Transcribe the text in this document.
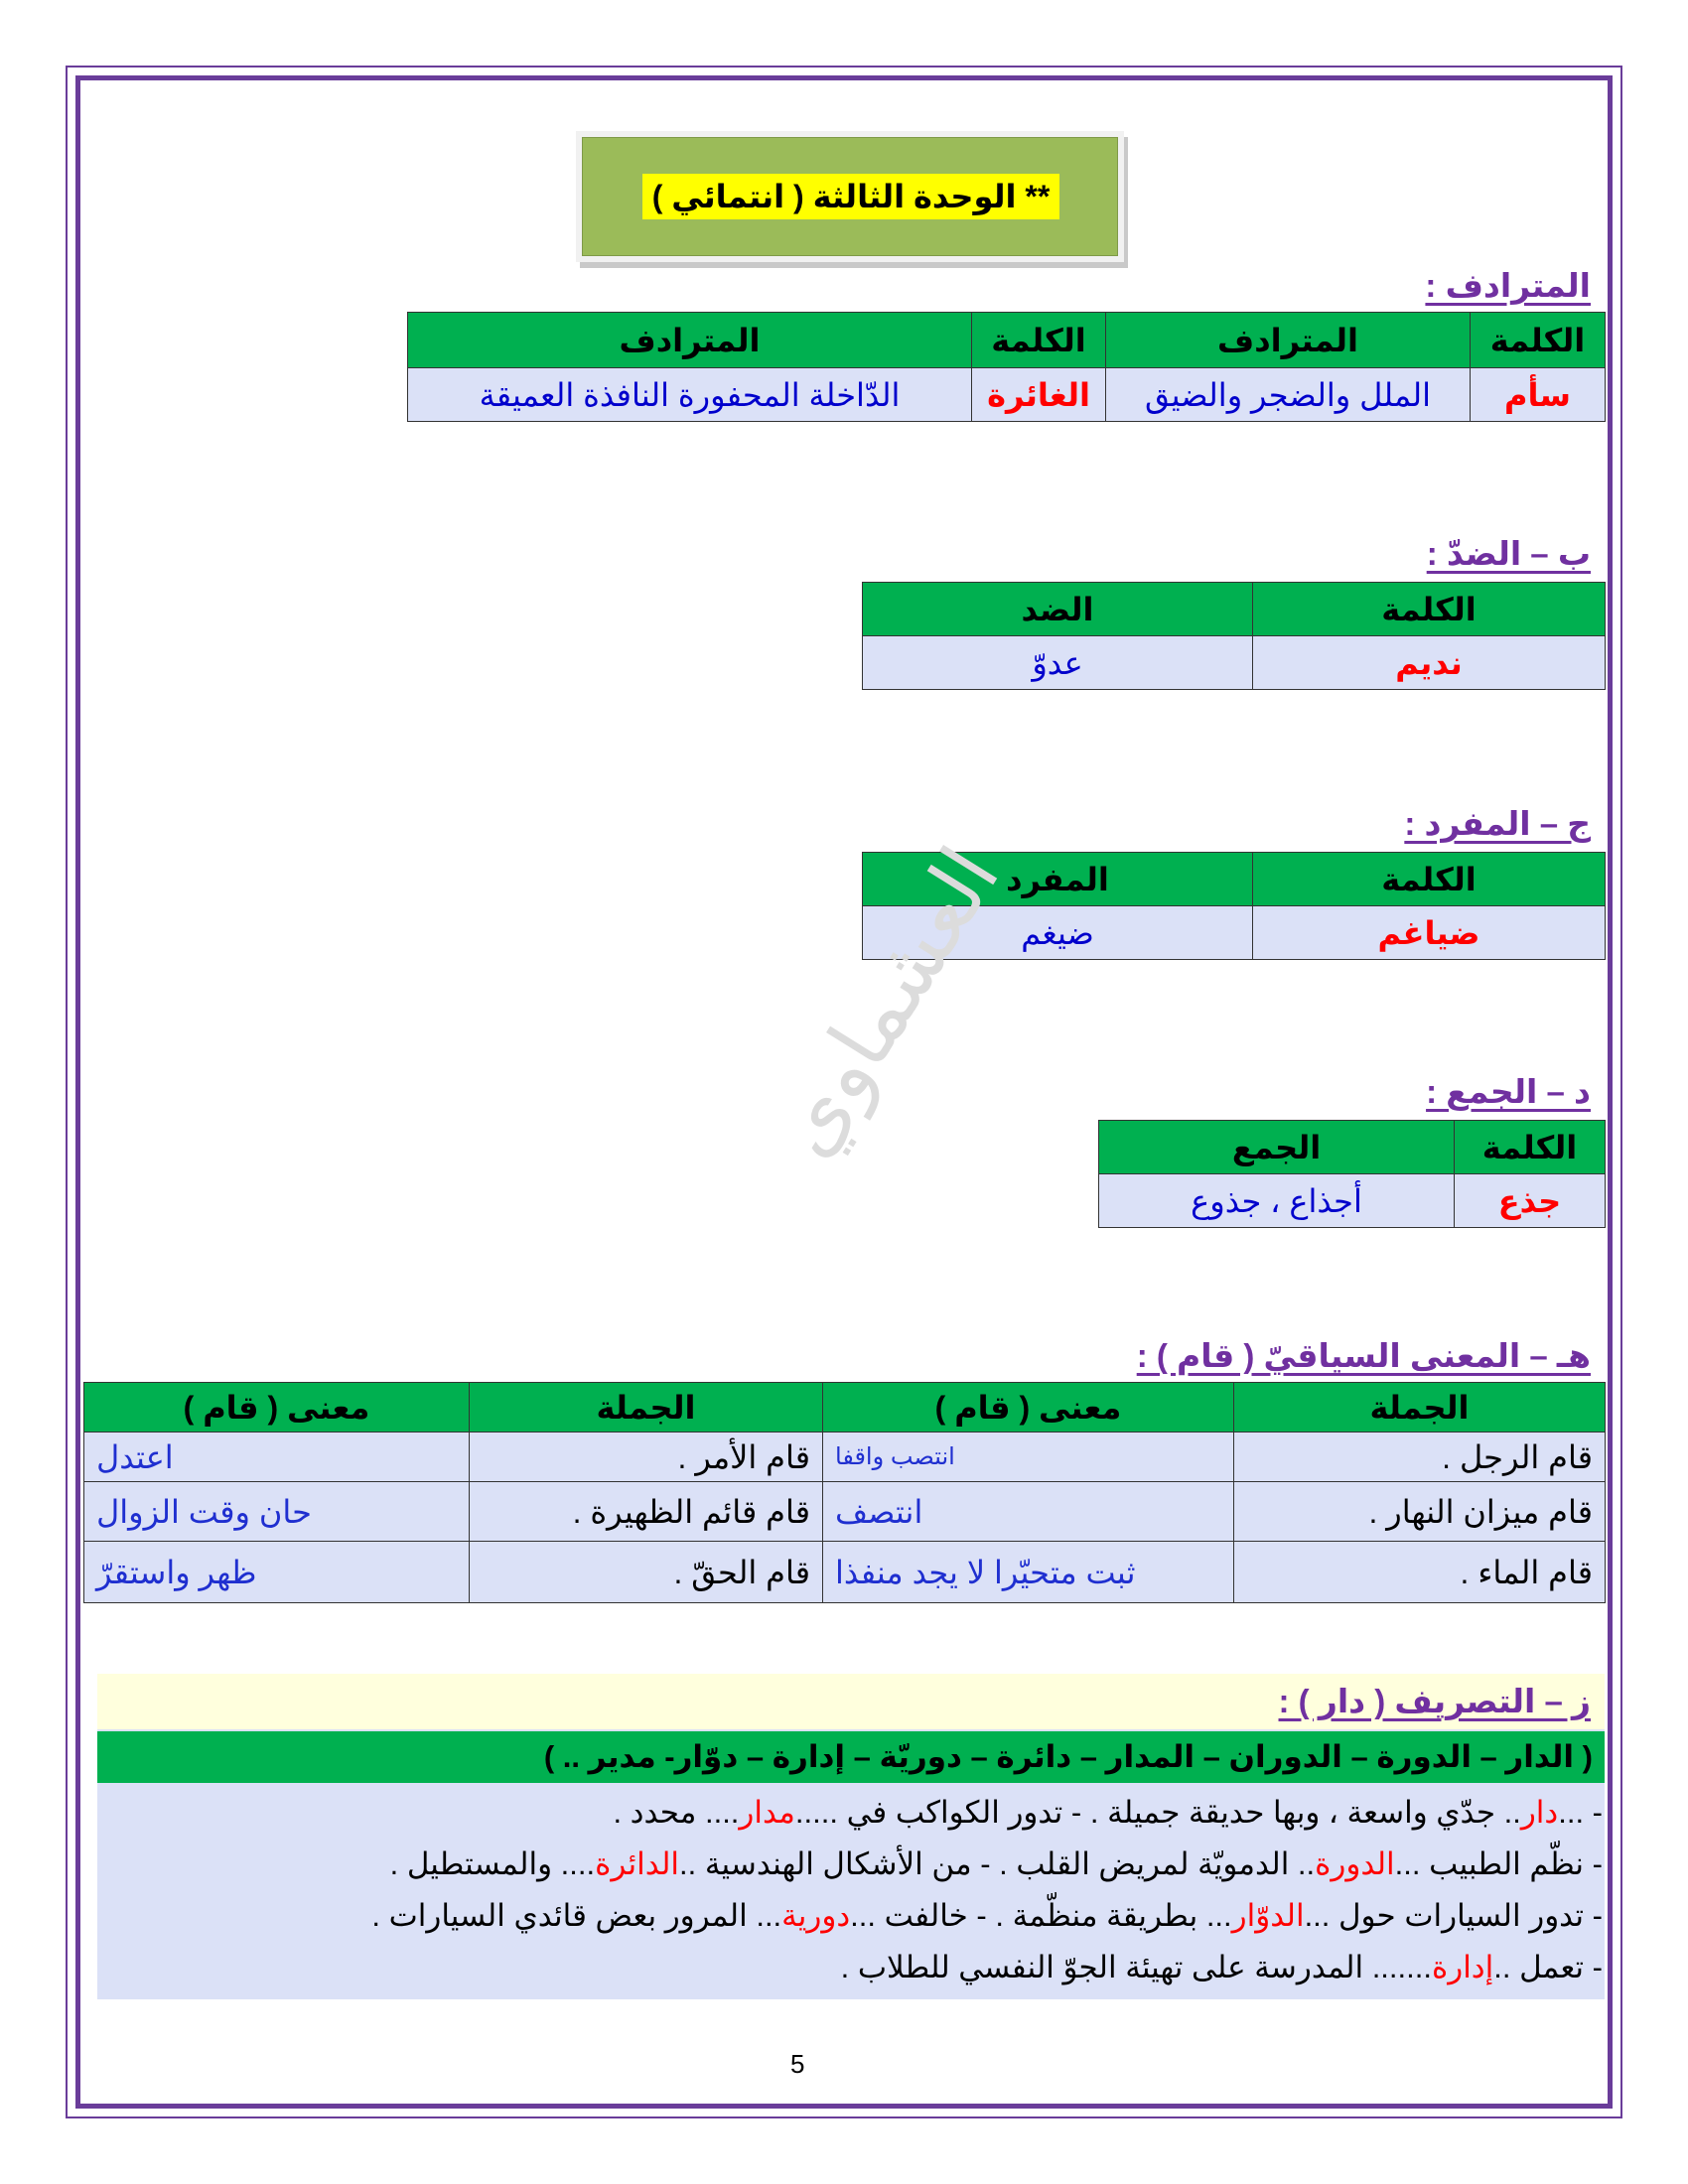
** الوحدة الثالثة ( انتمائي )
المترادف :
الكلمة	المترادف	الكلمة	المترادف
سأم	الملل والضجر والضيق	الغائرة	الدّاخلة المحفورة النافذة العميقة
ب – الضدّ :
الكلمة	الضد
نديم	عدوّ
ج – المفرد :
الكلمة	المفرد
ضياغم	ضيغم
د – الجمع :
الكلمة	الجمع
جذع	أجذاع ، جذوع
العشماوي
هـ – المعنى السياقيّ ( قام ) :
الجملة	معنى ( قام )	الجملة	معنى ( قام )
قام الرجل .	انتصب واقفا	قام الأمر .	اعتدل
قام ميزان النهار .	انتصف	قام قائم الظهيرة .	حان وقت الزوال
قام الماء .	ثبت متحيّرا لا يجد منفذا	قام الحقّ .	ظهر واستقرّ
ز – التصريف ( دار ) :
( الدار – الدورة – الدوران – المدار – دائرة – دوريّة – إدارة – دوّار- مدير .. )
- ...دار.. جدّي واسعة ، وبها حديقة جميلة . - تدور الكواكب في .....مدار.... محدد .
- نظّم الطبيب ...الدورة.. الدمويّة لمريض القلب . - من الأشكال الهندسية ..الدائرة.... والمستطيل .
- تدور السيارات حول ...الدوّار... بطريقة منظّمة . - خالفت ...دورية... المرور بعض قائدي السيارات .
- تعمل ..إدارة....... المدرسة على تهيئة الجوّ النفسي للطلاب .
5
